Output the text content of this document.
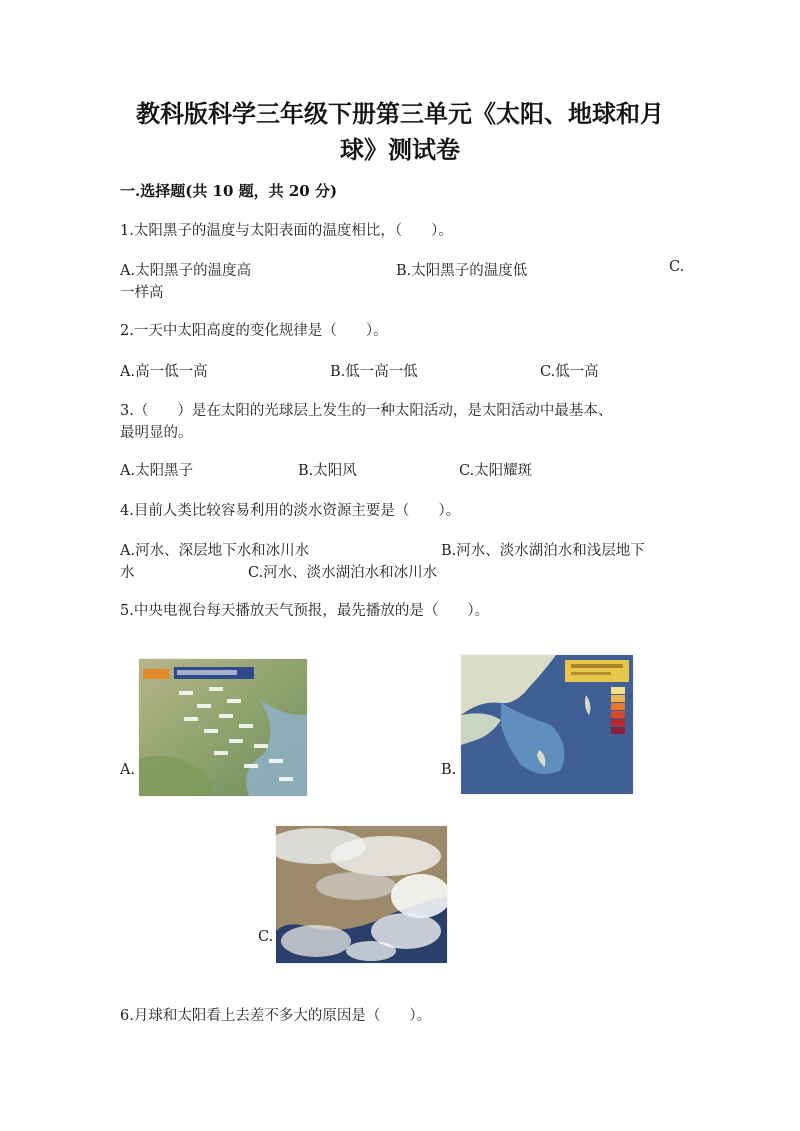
教科版科学三年级下册第三单元《太阳、地球和月
球》测试卷
一.选择题(共 10 题，共 20 分)
1.太阳黑子的温度与太阳表面的温度相比，（　　）。
A.太阳黑子的温度高	B.太阳黑子的温度低	C.
一样高
2.一天中太阳高度的变化规律是（　　）。
A.高一低一高	B.低一高一低	C.低一高
3.（　　）是在太阳的光球层上发生的一种太阳活动，是太阳活动中最基本、
最明显的。
A.太阳黑子	B.太阳风	C.太阳耀斑
4.目前人类比较容易利用的淡水资源主要是（　　）。
A.河水、深层地下水和冰川水	B.河水、淡水湖泊水和浅层地下
水	C.河水、淡水湖泊水和冰川水
5.中央电视台每天播放天气预报，最先播放的是（　　）。
A.	B.
C.
6.月球和太阳看上去差不多大的原因是（　　）。
